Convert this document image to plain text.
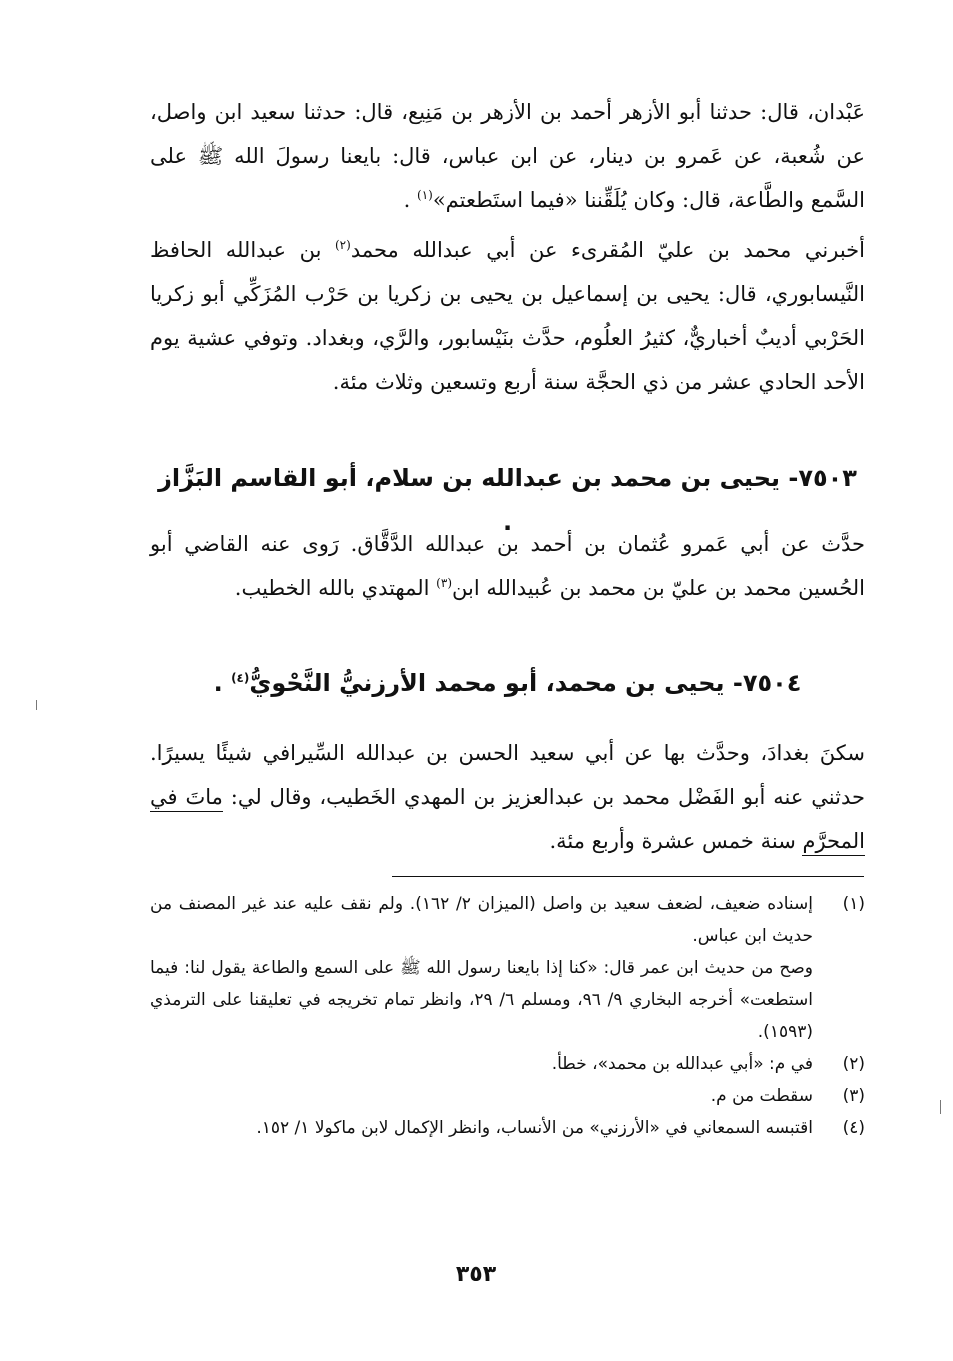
عَبْدان، قال: حدثنا أبو الأزهر أحمد بن الأزهر بن مَنِيع، قال: حدثنا سعيد ابن واصل، عن شُعبة، عن عَمرو بن دينار، عن ابن عباس، قال: بايعنا رسولَ الله ﷺ على السَّمع والطَّاعة، قال: وكان يُلَقِّننا «فيما استَطعتم»$^{(١)}$ .

أخبرني محمد بن عليّ المُقرىء عن أبي عبدالله محمد$^{(٢)}$ بن عبدالله الحافظ النَّيسابوري، قال: يحيى بن إسماعيل بن يحيى بن زكريا بن حَرْب المُزَكِّي أبو زكريا الحَرْبي أديبٌ أخباريٌّ، كثيرُ العلُوم، حدَّث بنَيْسابور، والرَّي، وبغداد. وتوفي عشية يوم الأحد الحادي عشر من ذي الحجَّة سنة أربع وتسعين وثلاث مئة.

٧٥٠٣- يحيى بن محمد بن عبدالله بن سلام، أبو القاسم البَزَّاز .

حدَّث عن أبي عَمرو عُثمان بن أحمد بن عبدالله الدَّقَّاق. رَوى عنه القاضي أبو الحُسين محمد بن عليّ بن محمد بن عُبيدالله ابن$^{(٣)}$ المهتدي بالله الخطيب.

٧٥٠٤- يحيى بن محمد، أبو محمد الأرزنيُّ النَّحْويُّ$^{(٤)}$ .

سكنَ بغدادَ، وحدَّث بها عن أبي سعيد الحسن بن عبدالله السِّيرافي شيئًا يسيرًا. حدثني عنه أبو الفَضْل محمد بن عبدالعزيز بن المهدي الخَطيب، وقال لي: ماتَ في المحرَّم سنة خمس عشرة وأربع مئة.

(١)

إسناده ضعيف، لضعف سعيد بن واصل (الميزان ٢/ ١٦٢). ولم نقف عليه عند غير المصنف من حديث ابن عباس.

وصح من حديث ابن عمر قال: «كنا إذا بايعنا رسول الله ﷺ على السمع والطاعة يقول لنا: فيما استطعت» أخرجه البخاري ٩/ ٩٦، ومسلم ٦/ ٢٩، وانظر تمام تخريجه في تعليقنا على الترمذي (١٥٩٣).

(٢)

في م: «أبي عبدالله بن محمد»، خطأ.

(٣)

سقطت من م.

(٤)

اقتبسه السمعاني في «الأرزني» من الأنساب، وانظر الإكمال لابن ماكولا ١/ ١٥٢.

٣٥٣
